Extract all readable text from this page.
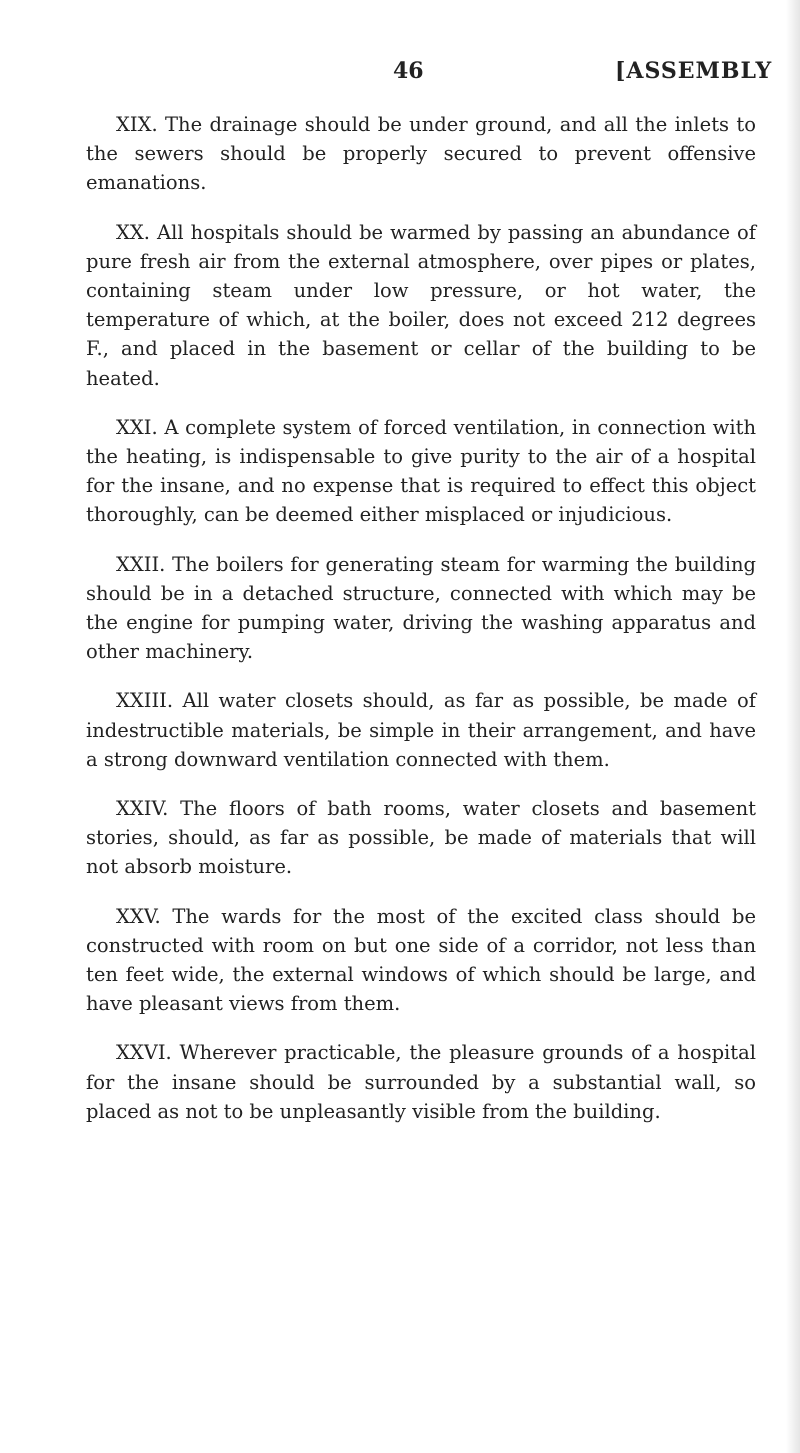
46	[ASSEMBLY

XIX. The drainage should be under ground, and all the inlets to the sewers should be properly secured to prevent offensive emanations.

XX. All hospitals should be warmed by passing an abundance of pure fresh air from the external atmosphere, over pipes or plates, containing steam under low pressure, or hot water, the temperature of which, at the boiler, does not exceed 212 degrees F., and placed in the basement or cellar of the building to be heated.

XXI. A complete system of forced ventilation, in connection with the heating, is indispensable to give purity to the air of a hospital for the insane, and no expense that is required to effect this object thoroughly, can be deemed either misplaced or injudicious.

XXII. The boilers for generating steam for warming the building should be in a detached structure, connected with which may be the engine for pumping water, driving the washing apparatus and other machinery.

XXIII. All water closets should, as far as possible, be made of indestructible materials, be simple in their arrangement, and have a strong downward ventilation connected with them.

XXIV. The floors of bath rooms, water closets and basement stories, should, as far as possible, be made of materials that will not absorb moisture.

XXV. The wards for the most of the excited class should be constructed with room on but one side of a corridor, not less than ten feet wide, the external windows of which should be large, and have pleasant views from them.

XXVI. Wherever practicable, the pleasure grounds of a hospital for the insane should be surrounded by a substantial wall, so placed as not to be unpleasantly visible from the building.
